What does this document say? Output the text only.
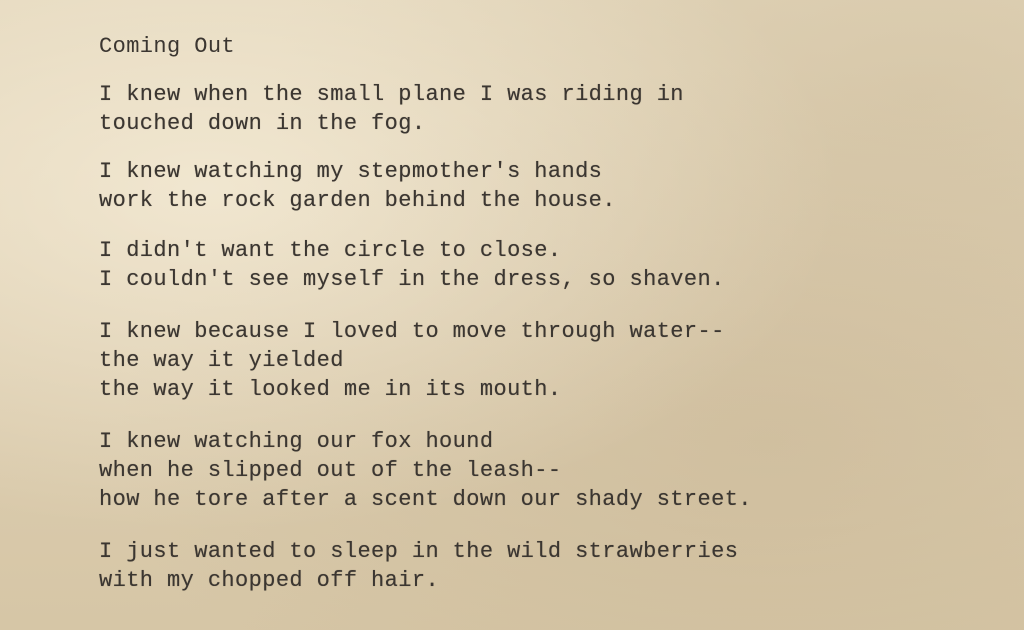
Coming Out
I knew when the small plane I was riding in
touched down in the fog.
I knew watching my stepmother's hands
work the rock garden behind the house.
I didn't want the circle to close.
I couldn't see myself in the dress, so shaven.
I knew because I loved to move through water--
the way it yielded
the way it looked me in its mouth.
I knew watching our fox hound
when he slipped out of the leash--
how he tore after a scent down our shady street.
I just wanted to sleep in the wild strawberries
with my chopped off hair.
